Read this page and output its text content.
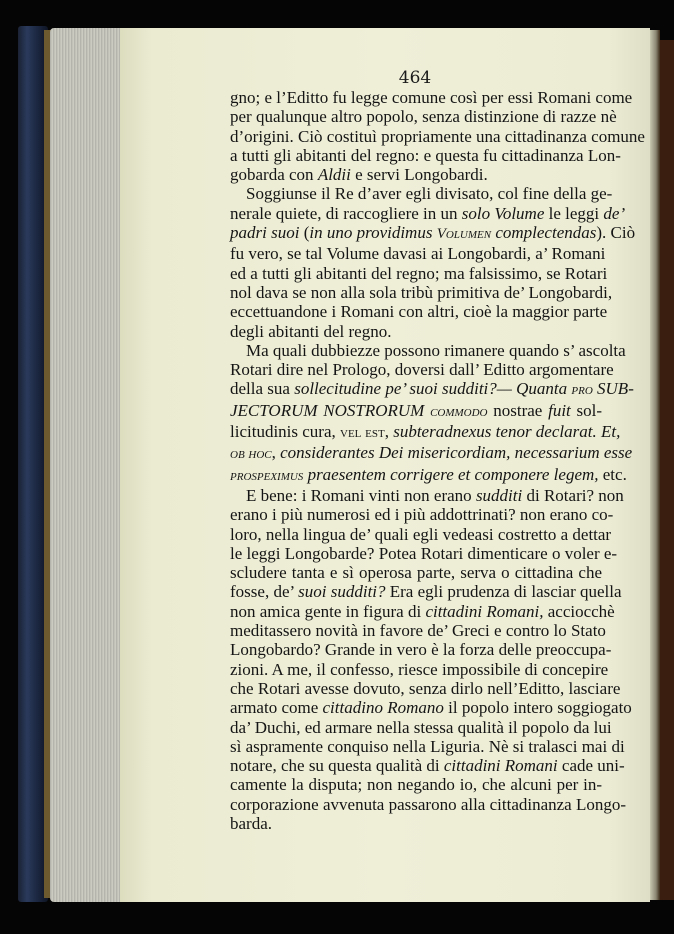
464
gno; e l’Editto fu legge comune così per essi Romani come
per qualunque altro popolo, senza distinzione di razze nè
d’origini. Ciò costituì propriamente una cittadinanza comune
a tutti gli abitanti del regno: e questa fu cittadinanza Lon-
gobarda con Aldii e servi Longobardi.
Soggiunse il Re d’aver egli divisato, col fine della ge-
nerale quiete, di raccogliere in un solo Volume le leggi de’
padri suoi (in uno providimus Volumen complectendas). Ciò
fu vero, se tal Volume davasi ai Longobardi, a’ Romani
ed a tutti gli abitanti del regno; ma falsissimo, se Rotari
nol dava se non alla sola tribù primitiva de’ Longobardi,
eccettuandone i Romani con altri, cioè la maggior parte
degli abitanti del regno.
Ma quali dubbiezze possono rimanere quando s’ ascolta
Rotari dire nel Prologo, doversi dall’ Editto argomentare
della sua sollecitudine pe’ suoi sudditi?— Quanta pro SUB-
JECTORUM NOSTRORUM commodo nostrae fuit sol-
licitudinis cura, vel est, subteradnexus tenor declarat. Et,
ob hoc, considerantes Dei misericordiam, necessarium esse
prospeximus praesentem corrigere et componere legem, etc.
E bene: i Romani vinti non erano sudditi di Rotari? non
erano i più numerosi ed i più addottrinati? non erano co-
loro, nella lingua de’ quali egli vedeasi costretto a dettar
le leggi Longobarde? Potea Rotari dimenticare o voler e-
scludere tanta e sì operosa parte, serva o cittadina che
fosse, de’ suoi sudditi? Era egli prudenza di lasciar quella
non amica gente in figura di cittadini Romani, acciocchè
meditassero novità in favore de’ Greci e contro lo Stato
Longobardo? Grande in vero è la forza delle preoccupa-
zioni. A me, il confesso, riesce impossibile di concepire
che Rotari avesse dovuto, senza dirlo nell’Editto, lasciare
armato come cittadino Romano il popolo intero soggiogato
da’ Duchi, ed armare nella stessa qualità il popolo da lui
sì aspramente conquiso nella Liguria. Nè si tralasci mai di
notare, che su questa qualità di cittadini Romani cade uni-
camente la disputa; non negando io, che alcuni per in-
corporazione avvenuta passarono alla cittadinanza Longo-
barda.
